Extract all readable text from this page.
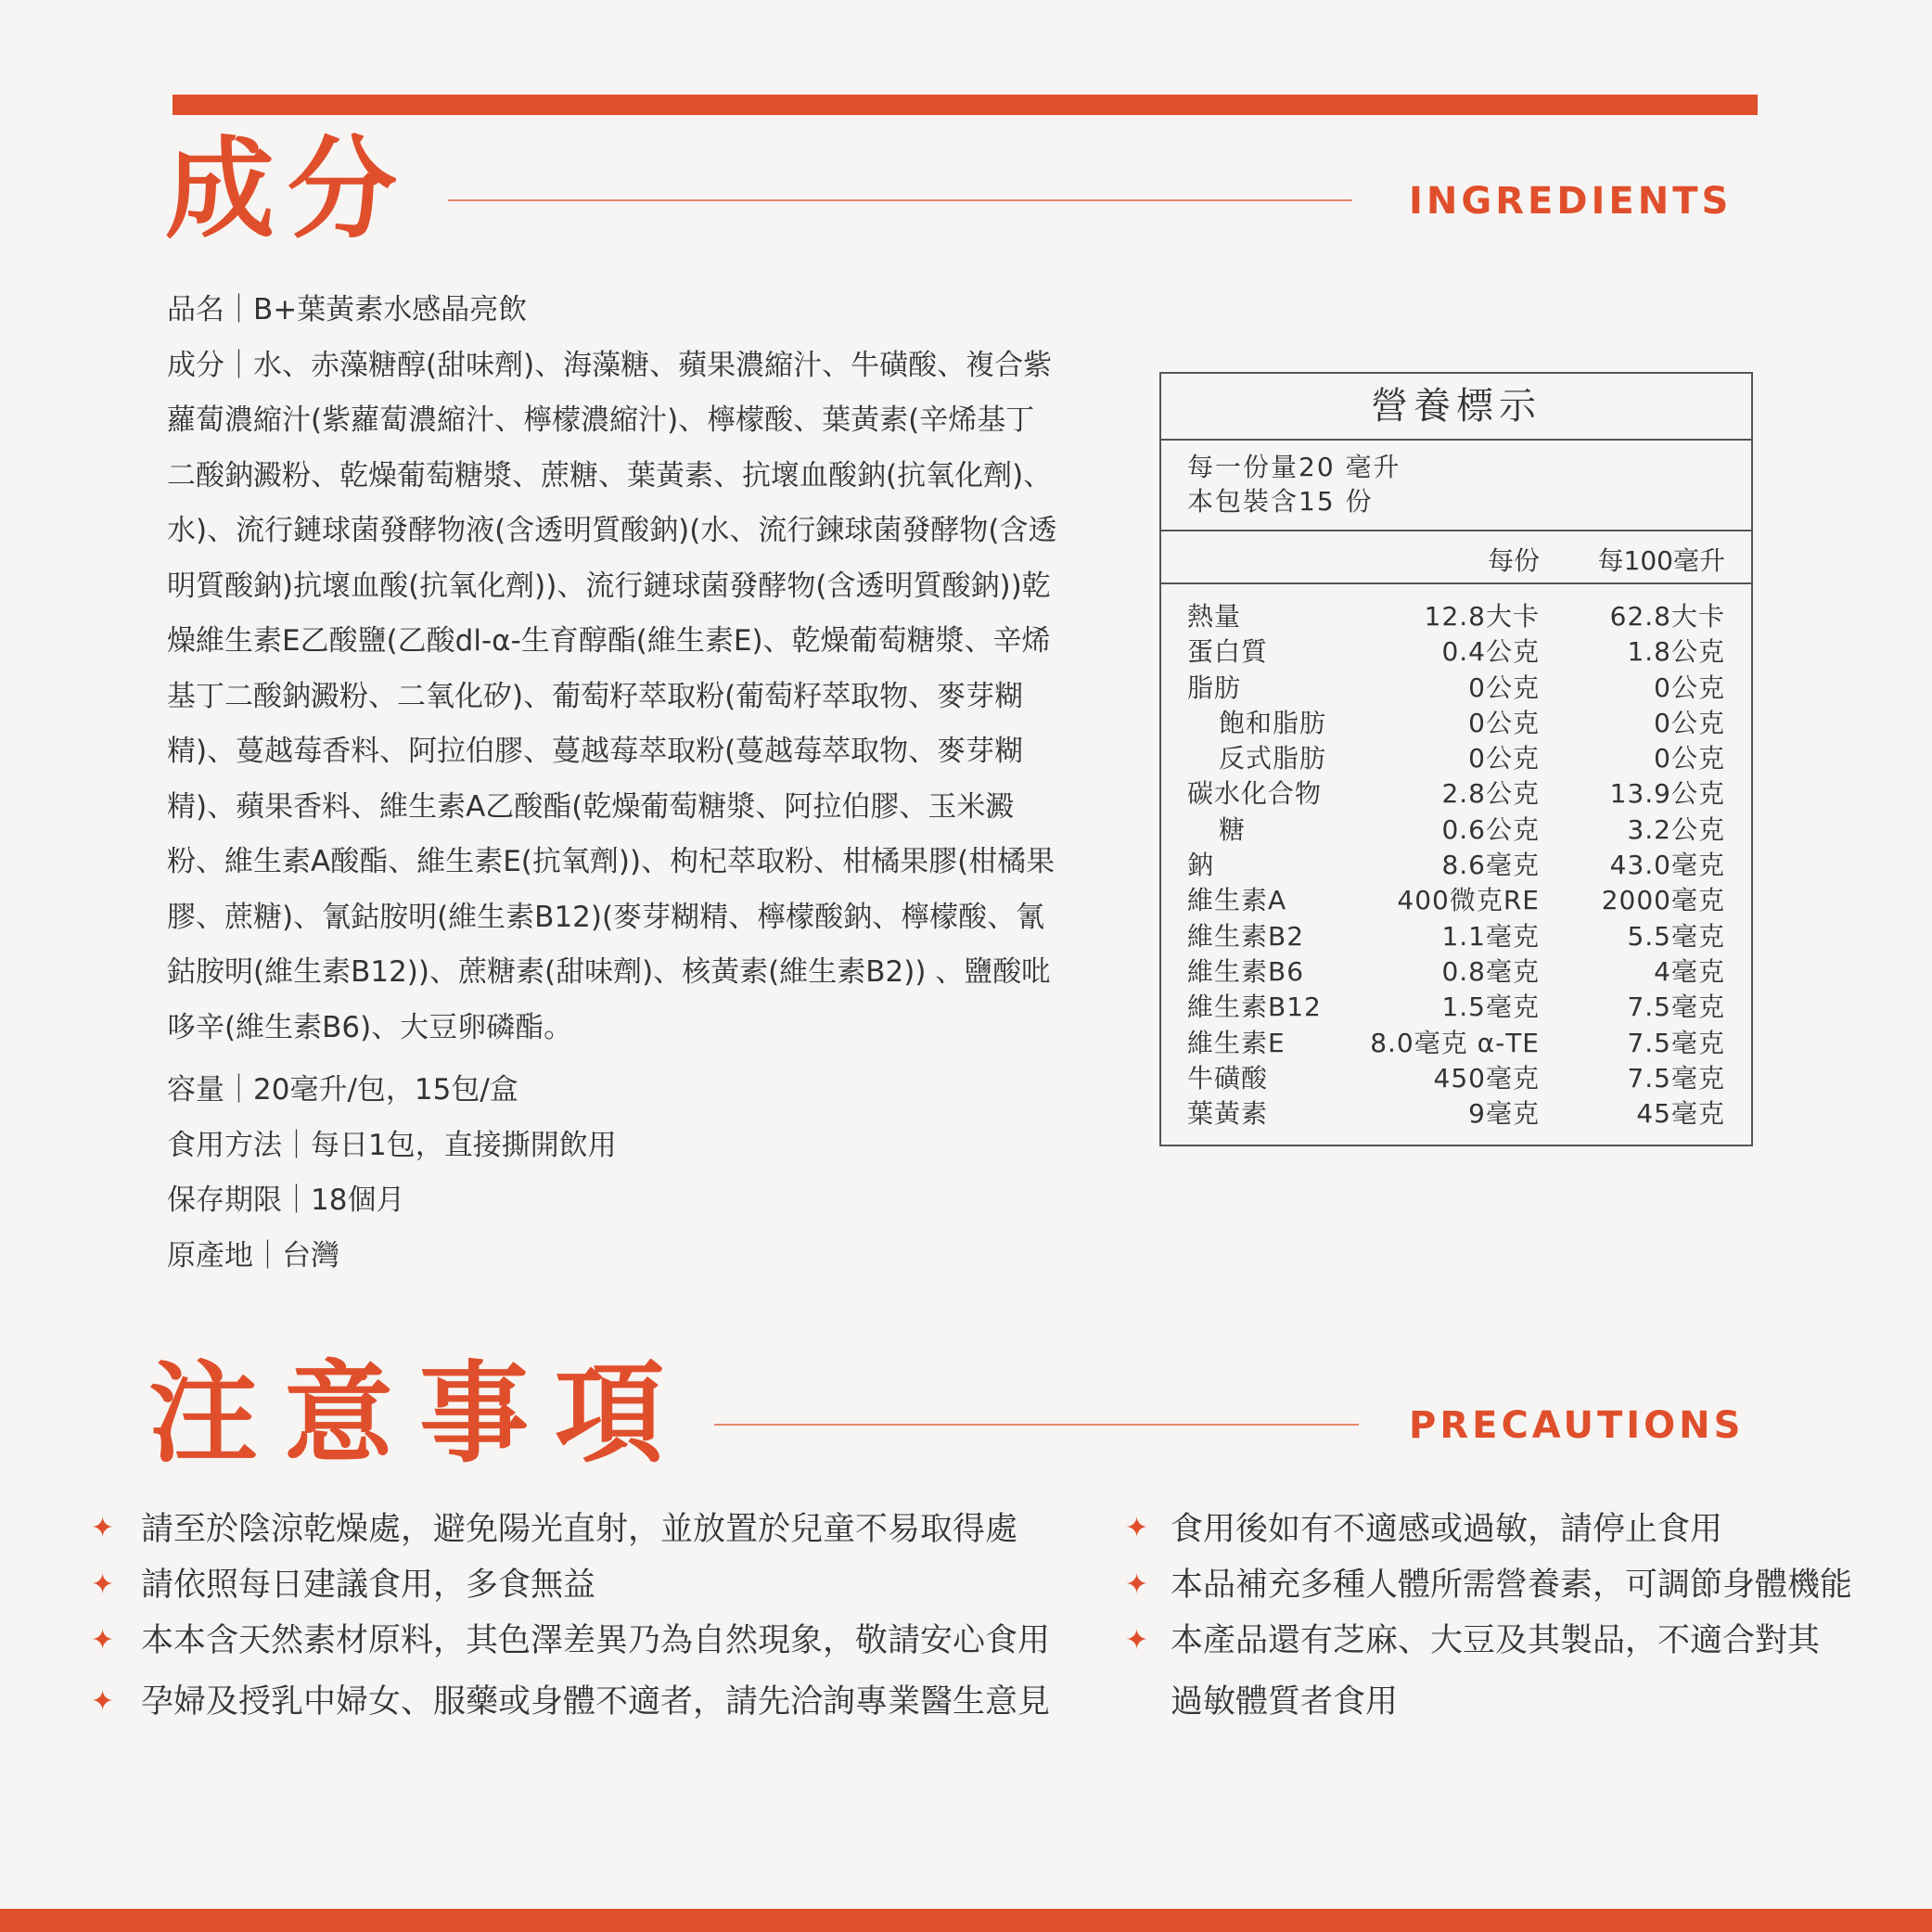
成分	INGREDIENTS
品名｜B+葉黃素水感晶亮飲
成分｜水、赤藻糖醇(甜味劑)、海藻糖、蘋果濃縮汁、牛磺酸、複合紫蘿蔔濃縮汁(紫蘿蔔濃縮汁、檸檬濃縮汁)、檸檬酸、葉黃素(辛烯基丁二酸鈉澱粉、乾燥葡萄糖漿、蔗糖、葉黃素、抗壞血酸鈉(抗氧化劑)、水)、流行鏈球菌發酵物液(含透明質酸鈉)(水、流行鍊球菌發酵物(含透明質酸鈉)抗壞血酸(抗氧化劑))、流行鏈球菌發酵物(含透明質酸鈉))乾燥維生素E乙酸鹽(乙酸dl-α-生育醇酯(維生素E)、乾燥葡萄糖漿、辛烯基丁二酸鈉澱粉、二氧化矽)、葡萄籽萃取粉(葡萄籽萃取物、麥芽糊精)、蔓越莓香料、阿拉伯膠、蔓越莓萃取粉(蔓越莓萃取物、麥芽糊精)、蘋果香料、維生素A乙酸酯(乾燥葡萄糖漿、阿拉伯膠、玉米澱粉、維生素A酸酯、維生素E(抗氧劑))、枸杞萃取粉、柑橘果膠(柑橘果膠、蔗糖)、氰鈷胺明(維生素B12)(麥芽糊精、檸檬酸鈉、檸檬酸、氰鈷胺明(維生素B12))、蔗糖素(甜味劑)、核黃素(維生素B2)) 、鹽酸吡哆辛(維生素B6)、大豆卵磷酯。
容量｜20毫升/包，15包/盒
食用方法｜每日1包，直接撕開飲用
保存期限｜18個月
原產地｜台灣
營養標示
每一份量20 毫升
本包裝含15 份
每份 每100毫升
熱量	12.8大卡	62.8大卡
蛋白質	0.4公克	1.8公克
脂肪	0公克	0公克
飽和脂肪	0公克	0公克
反式脂肪	0公克	0公克
碳水化合物	2.8公克	13.9公克
糖	0.6公克	3.2公克
鈉	8.6毫克	43.0毫克
維生素A	400微克RE 2000毫克
維生素B2	1.1毫克	5.5毫克
維生素B6	0.8毫克	4毫克
維生素B12	1.5毫克	7.5毫克
維生素E	8.0毫克 α-TE	7.5毫克
牛磺酸	450毫克	7.5毫克
葉黃素	9毫克	45毫克
注意事項	PRECAUTIONS
✦ 請至於陰涼乾燥處，避免陽光直射，並放置於兒童不易取得處
✦ 請依照每日建議食用，多食無益
✦ 本本含天然素材原料，其色澤差異乃為自然現象，敬請安心食用
✦ 孕婦及授乳中婦女、服藥或身體不適者，請先洽詢專業醫生意見
✦ 食用後如有不適感或過敏，請停止食用
✦ 本品補充多種人體所需營養素，可調節身體機能
✦ 本產品還有芝麻、大豆及其製品，不適合對其
過敏體質者食用
